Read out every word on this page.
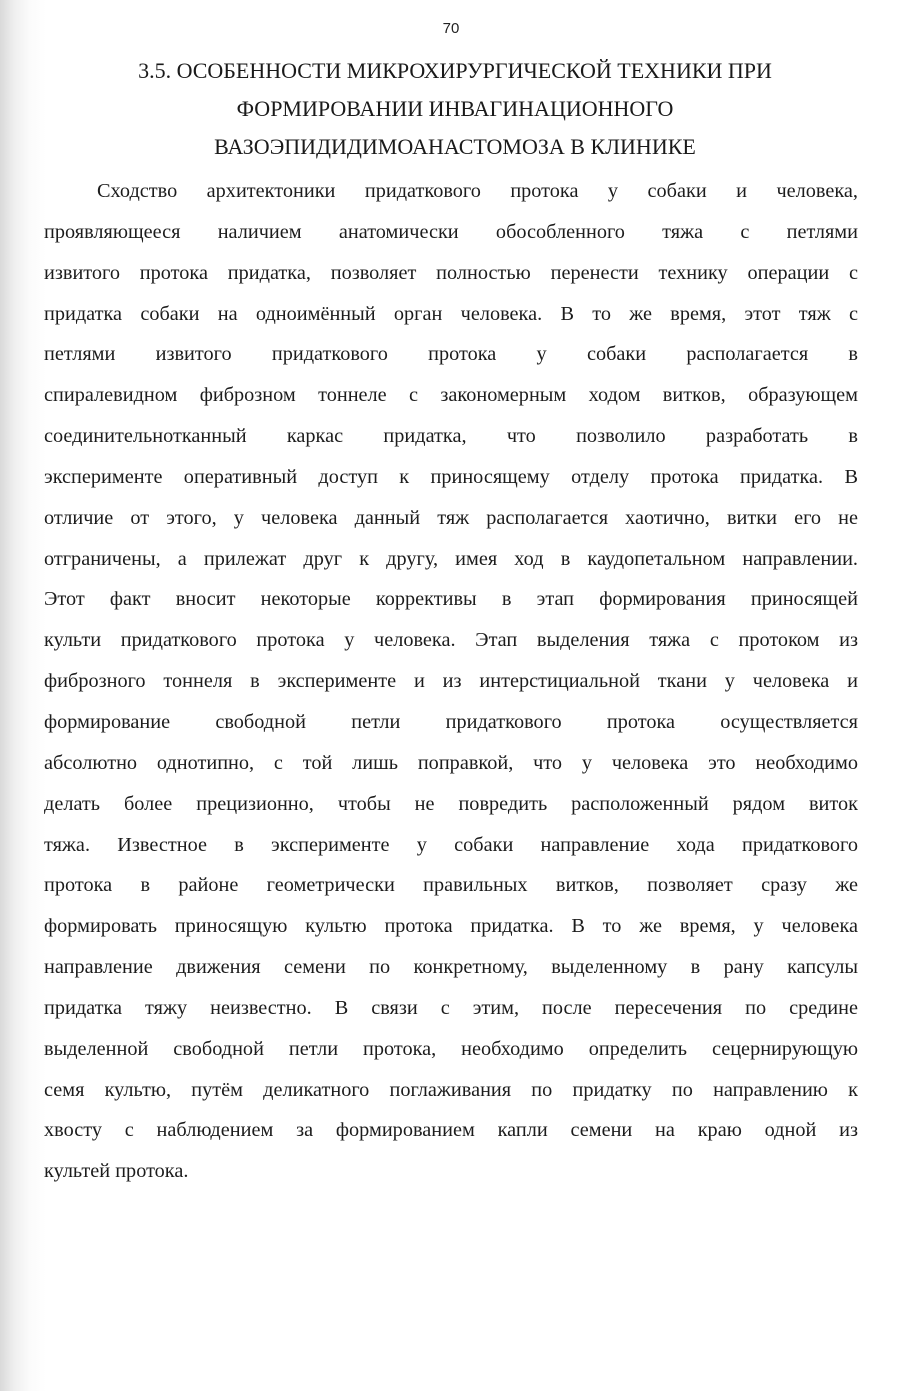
70
3.5. ОСОБЕННОСТИ МИКРОХИРУРГИЧЕСКОЙ ТЕХНИКИ ПРИ
ФОРМИРОВАНИИ ИНВАГИНАЦИОННОГО
ВАЗОЭПИДИДИМОАНАСТОМОЗА В КЛИНИКЕ
Сходство архитектоники придаткового протока у собаки и человека,
проявляющееся наличием анатомически обособленного тяжа с петлями
извитого протока придатка, позволяет полностью перенести технику операции с
придатка собаки на одноимённый орган человека. В то же время, этот тяж с
петлями извитого придаткового протока у собаки располагается в
спиралевидном фиброзном тоннеле с закономерным ходом витков, образующем
соединительнотканный каркас придатка, что позволило разработать в
эксперименте оперативный доступ к приносящему отделу протока придатка. В
отличие от этого, у человека данный тяж располагается хаотично, витки его не
отграничены, а прилежат друг к другу, имея ход в каудопетальном направлении.
Этот факт вносит некоторые коррективы в этап формирования приносящей
культи придаткового протока у человека. Этап выделения тяжа с протоком из
фиброзного тоннеля в эксперименте и из интерстициальной ткани у человека и
формирование свободной петли придаткового протока осуществляется
абсолютно однотипно, с той лишь поправкой, что у человека это необходимо
делать более прецизионно, чтобы не повредить расположенный рядом виток
тяжа. Известное в эксперименте у собаки направление хода придаткового
протока в районе геометрически правильных витков, позволяет сразу же
формировать приносящую культю протока придатка. В то же время, у человека
направление движения семени по конкретному, выделенному в рану капсулы
придатка тяжу неизвестно. В связи с этим, после пересечения по средине
выделенной свободной петли протока, необходимо определить сецернирующую
семя культю, путём деликатного поглаживания по придатку по направлению к
хвосту с наблюдением за формированием капли семени на краю одной из
культей протока.
